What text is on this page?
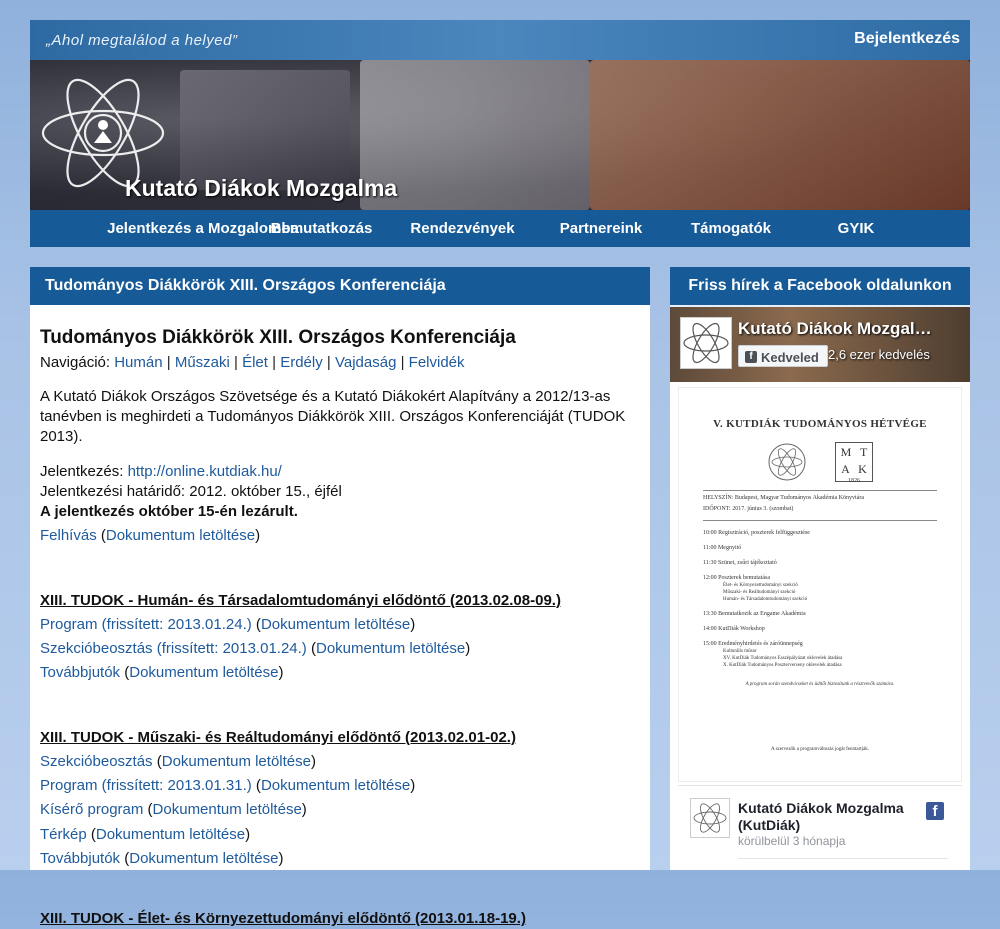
„Ahol megtalálod a helyed”	Bejelentkezés
Kutató Diákok Mozgalma
Jelentkezés a Mozgalomba
Bemutatkozás	Rendezvények	Partnereink	Támogatók	GYIK
Tudományos Diákkörök XIII. Országos Konferenciája
Tudományos Diákkörök XIII. Országos Konferenciája
Navigáció: Humán | Műszaki | Élet | Erdély | Vajdaság | Felvidék
A Kutató Diákok Országos Szövetsége és a Kutató Diákokért Alapítvány a 2012/13-as tanévben is meghirdeti a Tudományos Diákkörök XIII. Országos Konferenciáját (TUDOK 2013).
Jelentkezés: http://online.kutdiak.hu/
Jelentkezési határidő: 2012. október 15., éjfél
A jelentkezés október 15-én lezárult.
Felhívás (Dokumentum letöltése)
XIII. TUDOK - Humán- és Társadalomtudományi elődöntő (2013.02.08-09.)
Program (frissített: 2013.01.24.) (Dokumentum letöltése)
Szekcióbeosztás (frissített: 2013.01.24.) (Dokumentum letöltése)
Továbbjutók (Dokumentum letöltése)
XIII. TUDOK - Műszaki- és Reáltudományi elődöntő (2013.02.01-02.)
Szekcióbeosztás (Dokumentum letöltése)
Program (frissített: 2013.01.31.) (Dokumentum letöltése)
Kísérő program (Dokumentum letöltése)
Térkép (Dokumentum letöltése)
Továbbjutók (Dokumentum letöltése)
XIII. TUDOK - Élet- és Környezettudományi elődöntő (2013.01.18-19.)
Friss hírek a Facebook oldalunkon
Kutató Diákok Mozgal…
f Kedveled 2,6 ezer kedvelés
V. KUTDIÁK TUDOMÁNYOS HÉTVÉGE
M T A K
1826
HELYSZÍN: Budapest, Magyar Tudományos Akadémia Könyvtára
IDŐPONT: 2017. június 3. (szombat)
10:00 Regisztráció, poszterek felfüggesztése
11:00 Megnyitó
11:30 Szünet, zsűri tájékoztató
12:00 Poszterek bemutatása
Élet- és Környezettudományi szekció
Műszaki- és Reáltudományi szekció
Humán- és Társadalomtudományi szekció
13:30 Bemutatkozik az Engame Akadémia
14:00 KutDiák Workshop
15:00 Eredményhirdetés és záróünnepség
Kulturális műsor
XV. KutDiák Tudományos Esszépályázat oklevelek átadása
X. KutDiák Tudományos Poszterverseny oklevelek átadása
A program során szendvicseket és üdítőt biztosítunk a résztvevők számára.
A szervezők a programváltozás jogát fenntartják.
Kutató Diákok Mozgalma
(KutDiák)
körülbelül 3 hónapja
f
